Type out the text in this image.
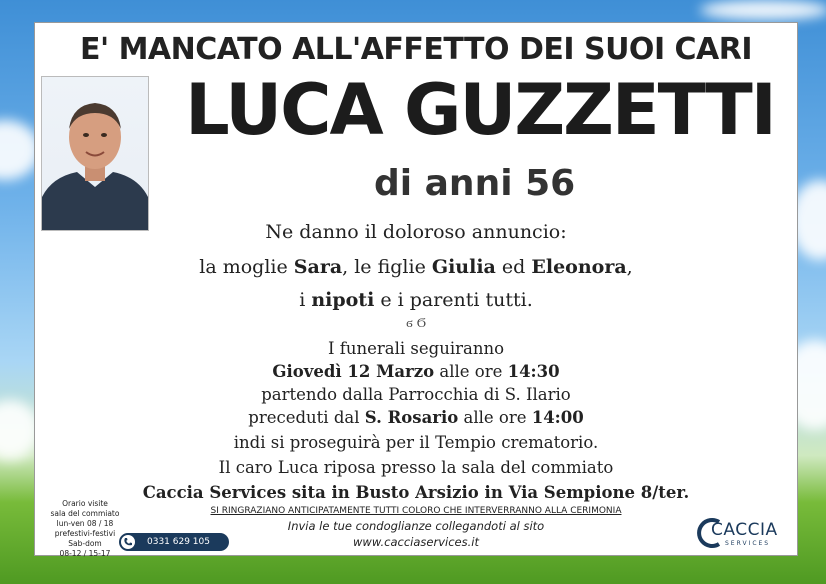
E' MANCATO ALL'AFFETTO DEI SUOI CARI
LUCA GUZZETTI
di anni 56
Ne danno il doloroso annuncio:
la moglie Sara, le figlie Giulia ed Eleonora,
i nipoti e i parenti tutti.
ϭ Ϭ
I funerali seguiranno
Giovedì 12 Marzo alle ore 14:30
partendo dalla Parrocchia di S. Ilario
preceduti dal S. Rosario alle ore 14:00
indi si proseguirà per il Tempio crematorio.
Il caro Luca riposa presso la sala del commiato
Caccia Services sita in Busto Arsizio in Via Sempione 8/ter.
Orario visite
sala del commiato
lun-ven 08 / 18
prefestivi-festivi
Sab-dom
08-12 / 15-17
0331 629 105
SI RINGRAZIANO ANTICIPATAMENTE TUTTI COLORO CHE INTERVERRANNO ALLA CERIMONIA
Invia le tue condoglianze collegandoti al sito
www.cacciaservices.it
CACCIA
SERVICES
